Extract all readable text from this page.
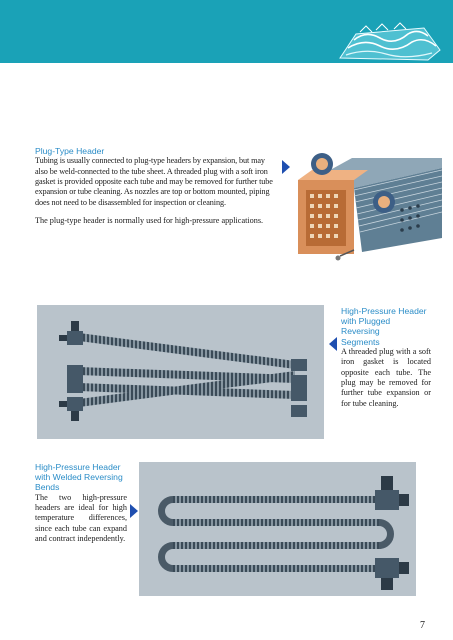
Plug-Type Header
Tubing is usually connected to plug-type headers by expansion, but may
also be weld-connected to the tube sheet. A threaded plug with a soft iron
gasket is provided opposite each tube and may be removed for further tube
expansion or tube cleaning. As nozzles are top or bottom mounted, piping
does not need to be disassembled for inspection or cleaning.
The plug-type header is normally used for high-pressure applications.
High-Pressure Header
with Plugged Reversing
Segments
A threaded plug with a soft iron gasket is located opposite each tube. The plug may be removed for further tube expansion or for tube cleaning.
High-Pressure Header
with Welded Reversing
Bends
The two high-pressure headers are ideal for high temperature differences, since each tube can expand and contract independently.
7
